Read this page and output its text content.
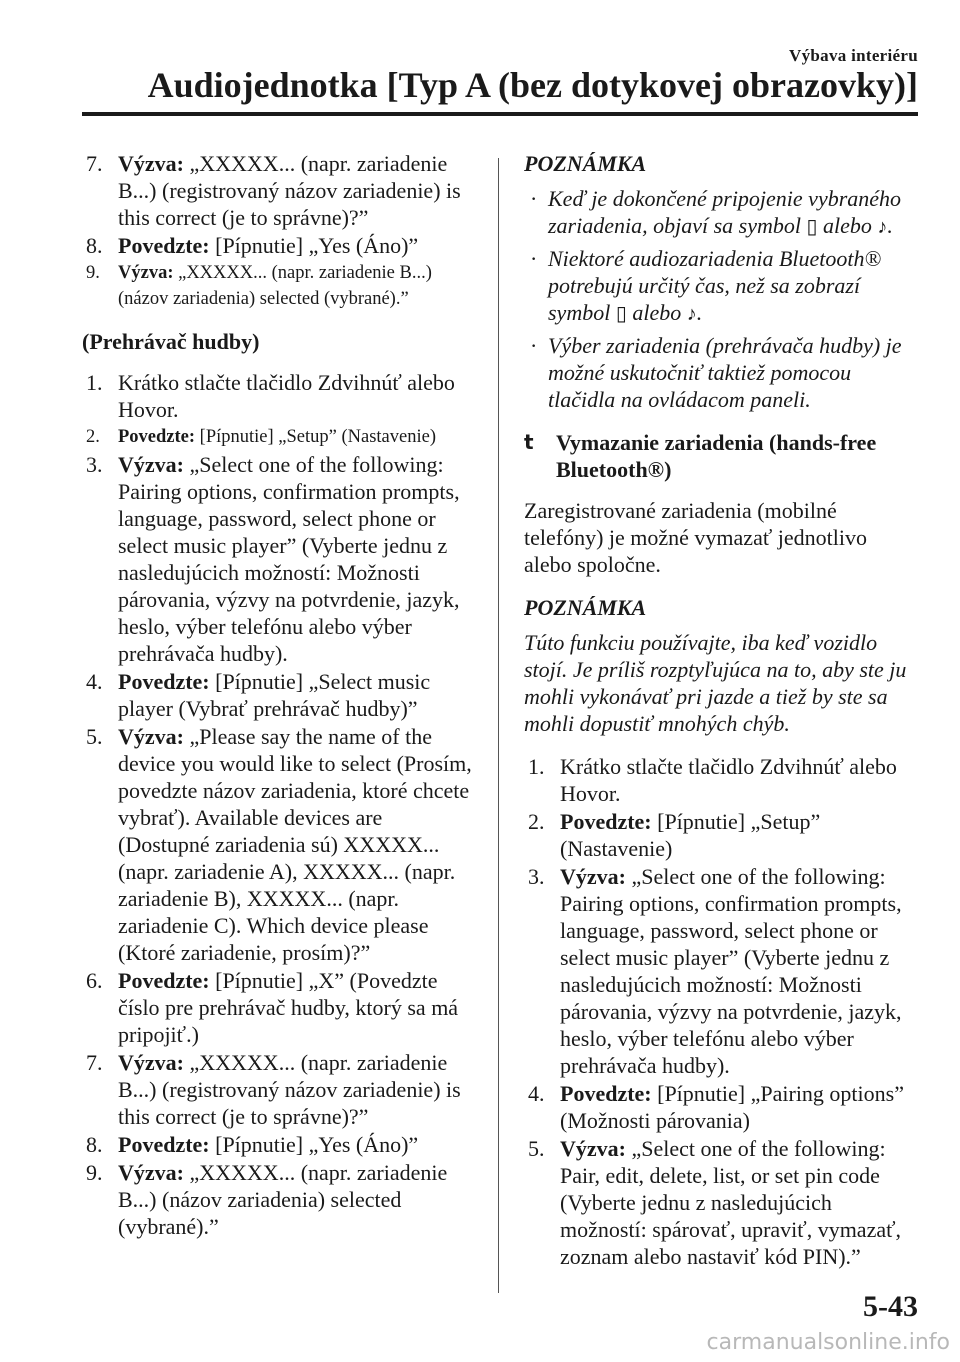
Výbava interiéru
Audiojednotka [Typ A (bez dotykovej obrazovky)]
7. Výzva: „XXXXX... (napr. zariadenie B...) (registrovaný názov zariadenie) is this correct (je to správne)?”
8. Povedzte: [Pípnutie] „Yes (Áno)”
9. Výzva: „XXXXX... (napr. zariadenie B...) (názov zariadenia) selected (vybrané).”
(Prehrávač hudby)
1. Krátko stlačte tlačidlo Zdvihnúť alebo Hovor.
2. Povedzte: [Pípnutie] „Setup” (Nastavenie)
3. Výzva: „Select one of the following: Pairing options, confirmation prompts, language, password, select phone or select music player” (Vyberte jednu z nasledujúcich možností: Možnosti párovania, výzvy na potvrdenie, jazyk, heslo, výber telefónu alebo výber prehrávača hudby).
4. Povedzte: [Pípnutie] „Select music player (Vybrať prehrávač hudby)”
5. Výzva: „Please say the name of the device you would like to select (Prosím, povedzte názov zariadenia, ktoré chcete vybrať). Available devices are (Dostupné zariadenia sú) XXXXX... (napr. zariadenie A), XXXXX... (napr. zariadenie B), XXXXX... (napr. zariadenie C). Which device please (Ktoré zariadenie, prosím)?”
6. Povedzte: [Pípnutie] „X” (Povedzte číslo pre prehrávač hudby, ktorý sa má pripojiť.)
7. Výzva: „XXXXX... (napr. zariadenie B...) (registrovaný názov zariadenie) is this correct (je to správne)?”
8. Povedzte: [Pípnutie] „Yes (Áno)”
9. Výzva: „XXXXX... (napr. zariadenie B...) (názov zariadenia) selected (vybrané).”
POZNÁMKA
· Keď je dokončené pripojenie vybraného zariadenia, objaví sa symbol ▯ alebo ♪.
· Niektoré audiozariadenia Bluetooth® potrebujú určitý čas, než sa zobrazí symbol ▯ alebo ♪.
· Výber zariadenia (prehrávača hudby) je možné uskutočniť taktiež pomocou tlačidla na ovládacom paneli.
t	Vymazanie zariadenia (hands-free Bluetooth®)

Zaregistrované zariadenia (mobilné telefóny) je možné vymazať jednotlivo alebo spoločne.

POZNÁMKA

Túto funkciu používajte, iba keď vozidlo stojí. Je príliš rozptyľujúca na to, aby ste ju mohli vykonávať pri jazde a tiež by ste sa mohli dopustiť mnohých chýb.

1. Krátko stlačte tlačidlo Zdvihnúť alebo Hovor.
2. Povedzte: [Pípnutie] „Setup” (Nastavenie)
3. Výzva: „Select one of the following: Pairing options, confirmation prompts, language, password, select phone or select music player” (Vyberte jednu z nasledujúcich možností: Možnosti párovania, výzvy na potvrdenie, jazyk, heslo, výber telefónu alebo výber prehrávača hudby).
4. Povedzte: [Pípnutie] „Pairing options” (Možnosti párovania)
5. Výzva: „Select one of the following: Pair, edit, delete, list, or set pin code (Vyberte jednu z nasledujúcich možností: spárovať, upraviť, vymazať, zoznam alebo nastaviť kód PIN).”
5-43
carmanualsonline.info
